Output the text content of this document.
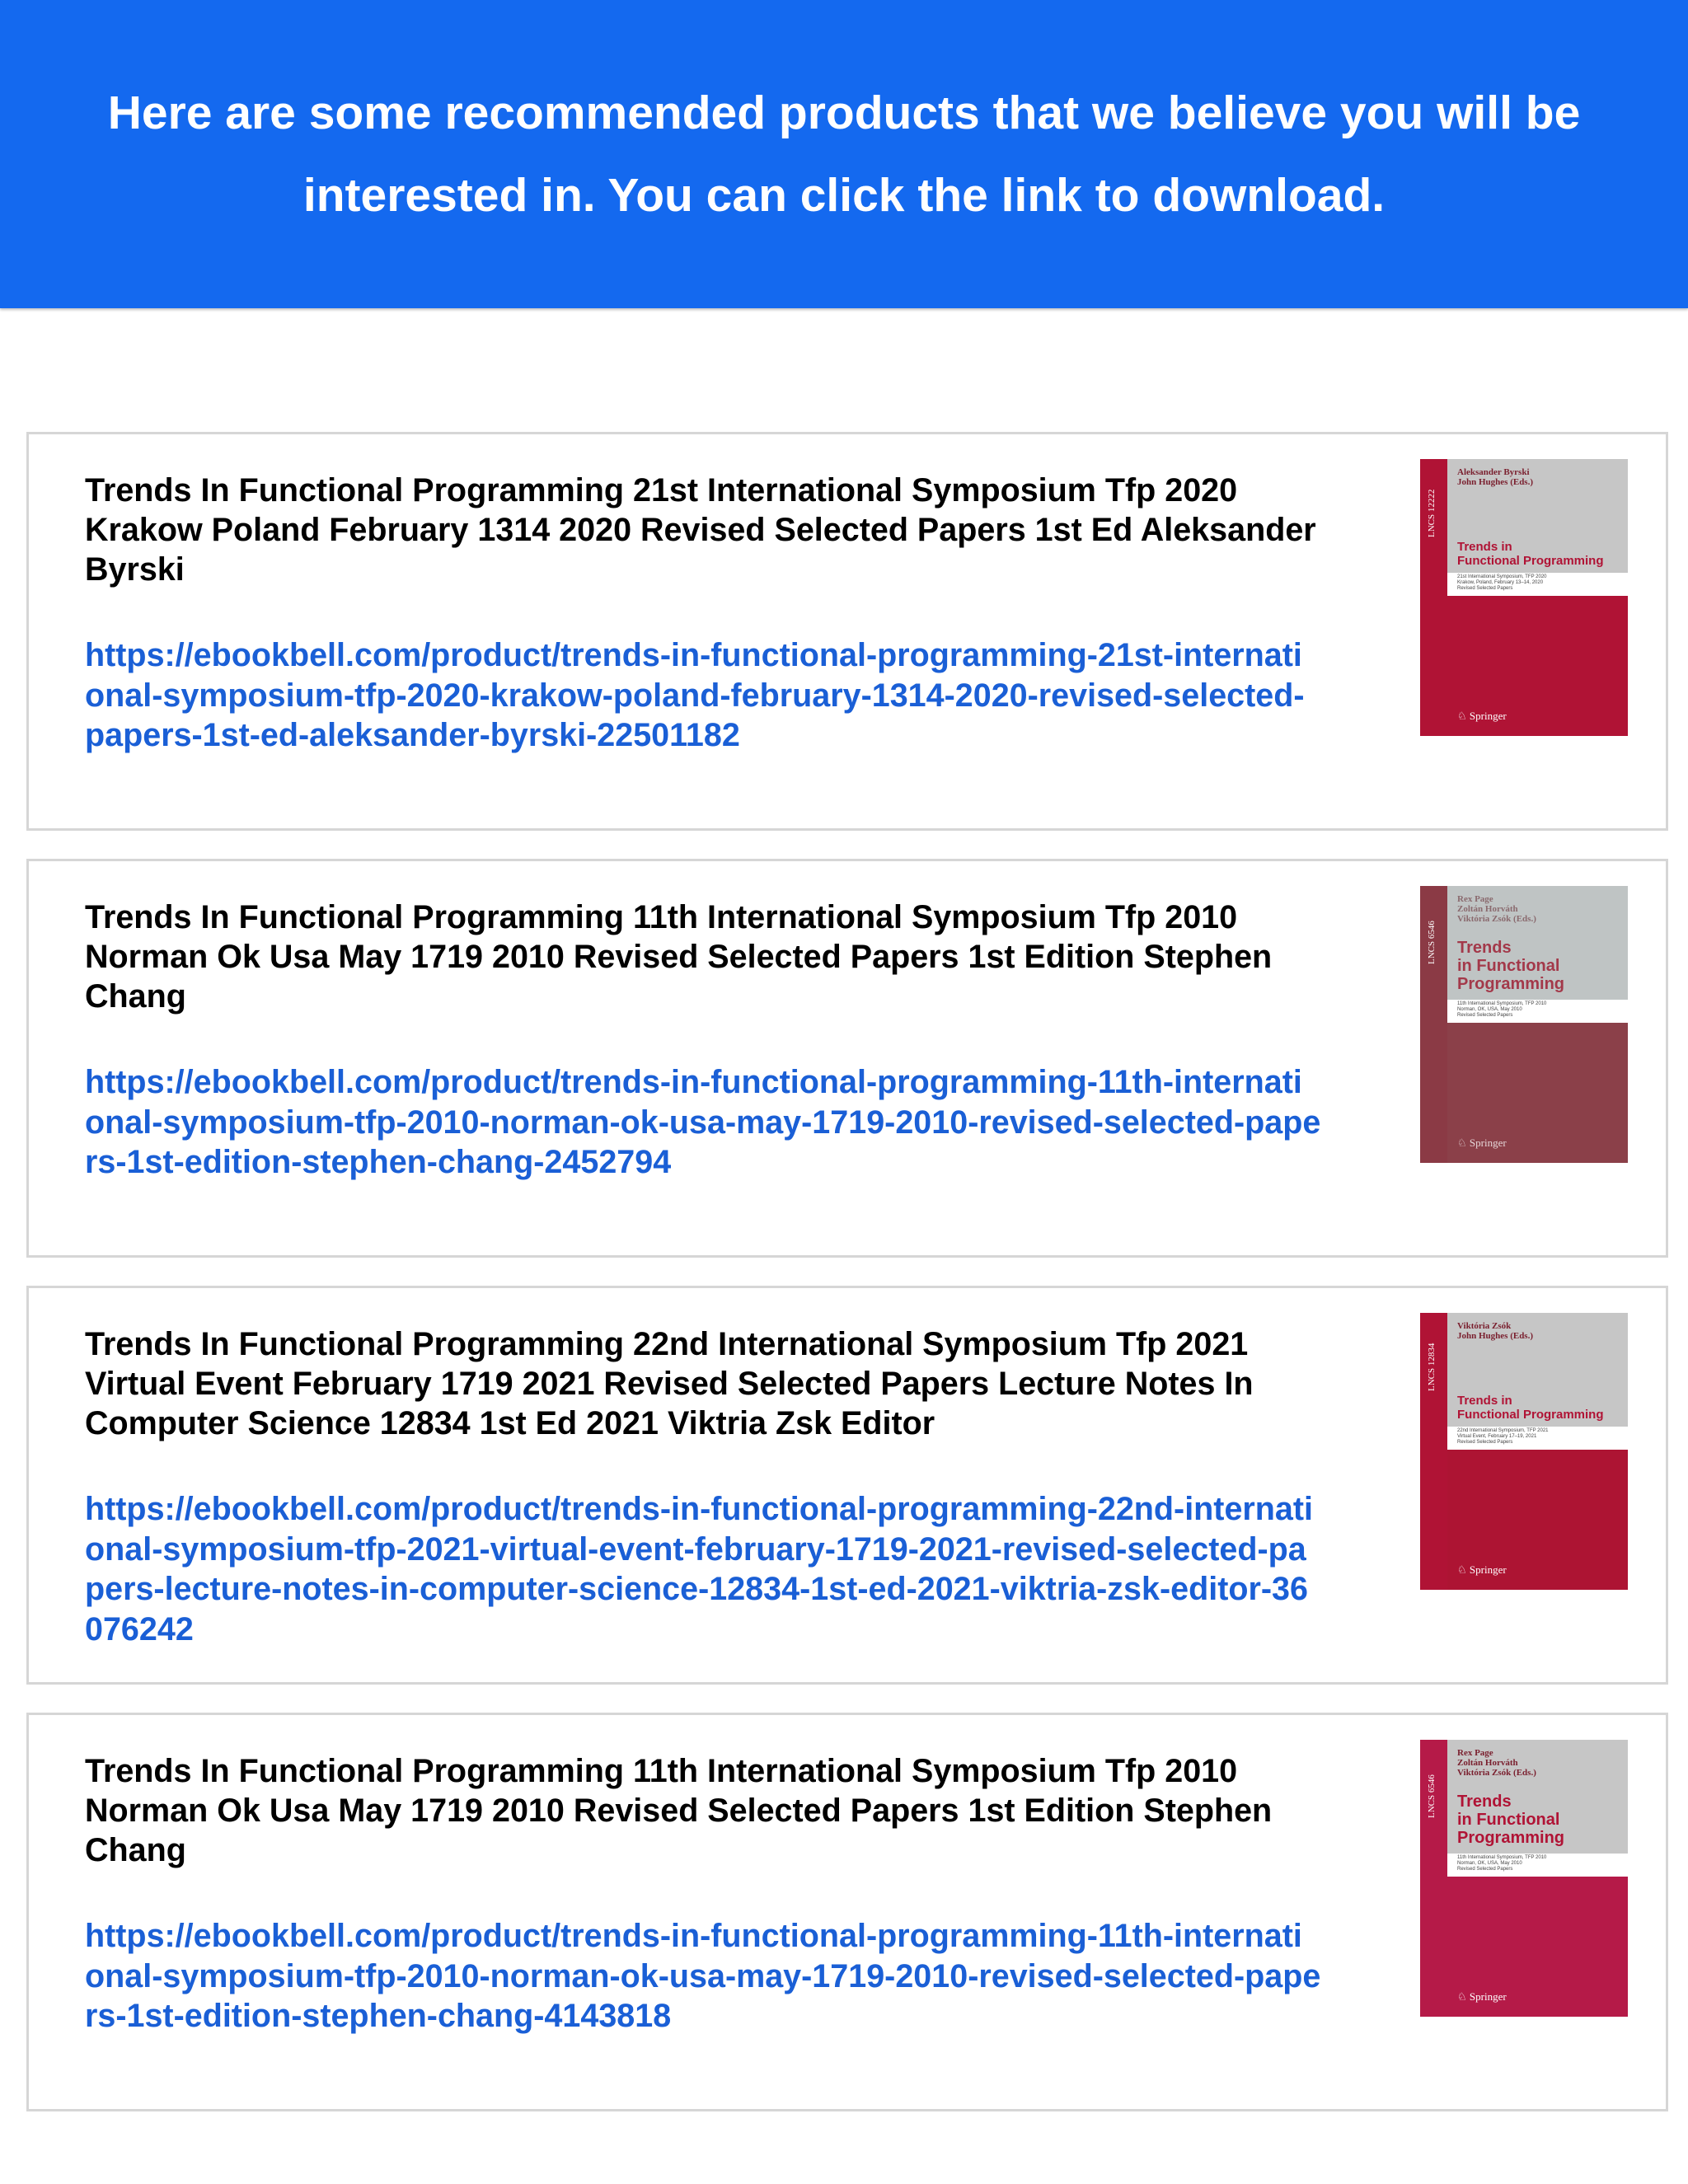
Here are some recommended products that we believe you will be interested in. You can click the link to download.

Trends In Functional Programming 21st International Symposium Tfp 2020 Krakow Poland February 1314 2020 Revised Selected Papers 1st Ed Aleksander Byrski

https://ebookbell.com/product/trends-in-functional-programming-21st-international-symposium-tfp-2020-krakow-poland-february-1314-2020-revised-selected-papers-1st-ed-aleksander-byrski-22501182
LNCS 12222
Aleksander Byrski
John Hughes (Eds.)
Trends in
Functional Programming
21st International Symposium, TFP 2020
Krakow, Poland, February 13–14, 2020
Revised Selected Papers
♘ Springer

Trends In Functional Programming 11th International Symposium Tfp 2010 Norman Ok Usa May 1719 2010 Revised Selected Papers 1st Edition Stephen Chang

https://ebookbell.com/product/trends-in-functional-programming-11th-international-symposium-tfp-2010-norman-ok-usa-may-1719-2010-revised-selected-papers-1st-edition-stephen-chang-2452794
LNCS 6546
Rex Page
Zoltán Horváth
Viktória Zsók (Eds.)
Trends
in Functional
Programming
11th International Symposium, TFP 2010
Norman, OK, USA, May 2010
Revised Selected Papers
♘ Springer

Trends In Functional Programming 22nd International Symposium Tfp 2021 Virtual Event February 1719 2021 Revised Selected Papers Lecture Notes In Computer Science 12834 1st Ed 2021 Viktria Zsk Editor

https://ebookbell.com/product/trends-in-functional-programming-22nd-international-symposium-tfp-2021-virtual-event-february-1719-2021-revised-selected-papers-lecture-notes-in-computer-science-12834-1st-ed-2021-viktria-zsk-editor-36076242
LNCS 12834
Viktória Zsók
John Hughes (Eds.)
Trends in
Functional Programming
22nd International Symposium, TFP 2021
Virtual Event, February 17–19, 2021
Revised Selected Papers
♘ Springer

Trends In Functional Programming 11th International Symposium Tfp 2010 Norman Ok Usa May 1719 2010 Revised Selected Papers 1st Edition Stephen Chang

https://ebookbell.com/product/trends-in-functional-programming-11th-international-symposium-tfp-2010-norman-ok-usa-may-1719-2010-revised-selected-papers-1st-edition-stephen-chang-4143818
LNCS 6546
Rex Page
Zoltán Horváth
Viktória Zsók (Eds.)
Trends
in Functional
Programming
11th International Symposium, TFP 2010
Norman, OK, USA, May 2010
Revised Selected Papers
♘ Springer
